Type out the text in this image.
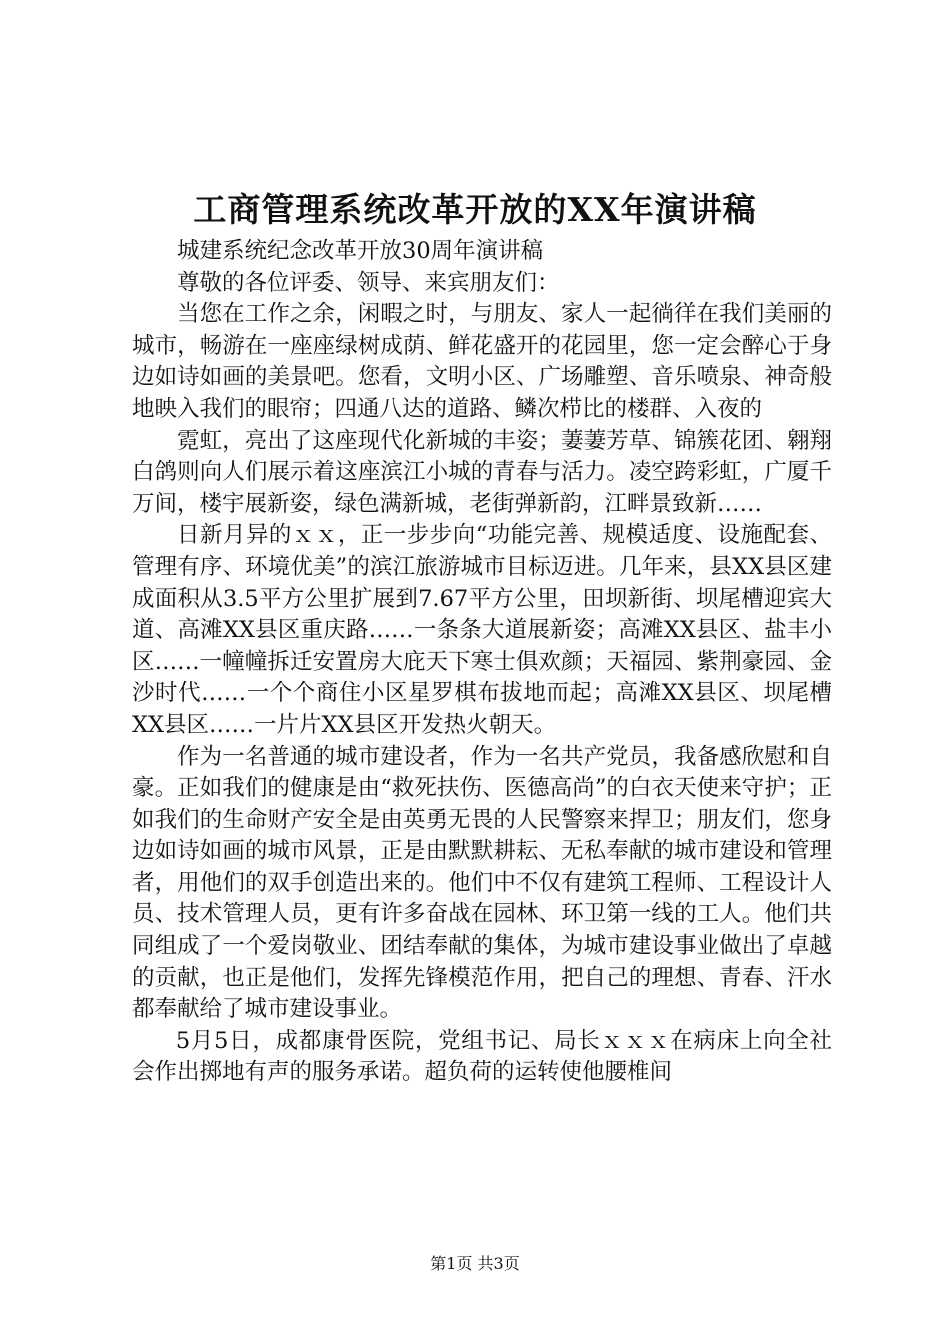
工商管理系统改革开放的XX年演讲稿

城建系统纪念改革开放30周年演讲稿

尊敬的各位评委、领导、来宾朋友们：

当您在工作之余，闲暇之时，与朋友、家人一起徜徉在我们美丽的城市，畅游在一座座绿树成荫、鲜花盛开的花园里，您一定会醉心于身边如诗如画的美景吧。您看，文明小区、广场雕塑、音乐喷泉、神奇般地映入我们的眼帘；四通八达的道路、鳞次栉比的楼群、入夜的

霓虹，亮出了这座现代化新城的丰姿；萋萋芳草、锦簇花团、翱翔白鸽则向人们展示着这座滨江小城的青春与活力。凌空跨彩虹，广厦千万间，楼宇展新姿，绿色满新城，老街弹新韵，江畔景致新……

日新月异的ｘｘ，正一步步向“功能完善、规模适度、设施配套、管理有序、环境优美”的滨江旅游城市目标迈进。几年来，县XX县区建成面积从3.5平方公里扩展到7.67平方公里，田坝新街、坝尾槽迎宾大道、高滩XX县区重庆路……一条条大道展新姿；高滩XX县区、盐丰小区……一幢幢拆迁安置房大庇天下寒士俱欢颜；天福园、紫荆豪园、金沙时代……一个个商住小区星罗棋布拔地而起；高滩XX县区、坝尾槽XX县区……一片片XX县区开发热火朝天。

作为一名普通的城市建设者，作为一名共产党员，我备感欣慰和自豪。正如我们的健康是由“救死扶伤、医德高尚”的白衣天使来守护；正如我们的生命财产安全是由英勇无畏的人民警察来捍卫；朋友们，您身边如诗如画的城市风景，正是由默默耕耘、无私奉献的城市建设和管理者，用他们的双手创造出来的。他们中不仅有建筑工程师、工程设计人员、技术管理人员，更有许多奋战在园林、环卫第一线的工人。他们共同组成了一个爱岗敬业、团结奉献的集体，为城市建设事业做出了卓越的贡献，也正是他们，发挥先锋模范作用，把自己的理想、青春、汗水都奉献给了城市建设事业。

5月5日，成都康骨医院，党组书记、局长ｘｘｘ在病床上向全社会作出掷地有声的服务承诺。超负荷的运转使他腰椎间

第1页 共3页
